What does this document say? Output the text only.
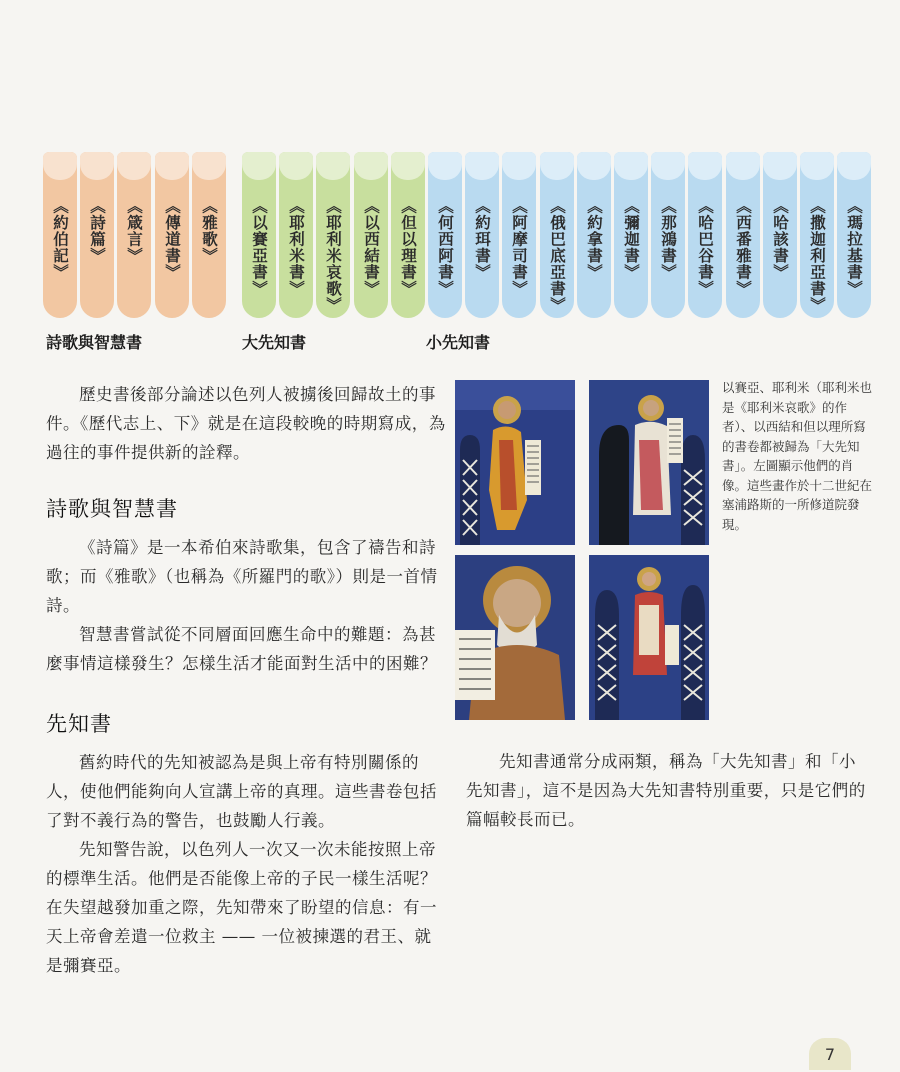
《約伯記》	《詩篇》	《箴言》	《傳道書》	《雅歌》	《以賽亞書》	《耶利米書》	《耶利米哀歌》	《以西結書》	《但以理書》	《何西阿書》	《約珥書》	《阿摩司書》	《俄巴底亞書》	《約拿書》	《彌迦書》	《那鴻書》	《哈巴谷書》	《西番雅書》	《哈該書》	《撒迦利亞書》	《瑪拉基書》
詩歌與智慧書	大先知書	小先知書

歷史書後部分論述以色列人被擄後回歸故土的事件。《歷代志上、下》就是在這段較晚的時期寫成，為過往的事件提供新的詮釋。

詩歌與智慧書

《詩篇》是一本希伯來詩歌集，包含了禱告和詩歌；而《雅歌》（也稱為《所羅門的歌》）則是一首情詩。

智慧書嘗試從不同層面回應生命中的難題：為甚麼事情這樣發生？怎樣生活才能面對生活中的困難？

先知書

舊約時代的先知被認為是與上帝有特別關係的人，使他們能夠向人宣講上帝的真理。這些書卷包括了對不義行為的警告，也鼓勵人行義。

先知警告說，以色列人一次又一次未能按照上帝的標準生活。他們是否能像上帝的子民一樣生活呢？在失望越發加重之際，先知帶來了盼望的信息：有一天上帝會差遣一位救主 —— 一位被揀選的君王、就是彌賽亞。

以賽亞、耶利米（耶利米也是《耶利米哀歌》的作者）、以西結和但以理所寫的書卷都被歸為「大先知書」。左圖顯示他們的肖像。這些畫作於十二世紀在塞浦路斯的一所修道院發現。

先知書通常分成兩類，稱為「大先知書」和「小先知書」，這不是因為大先知書特別重要，只是它們的篇幅較長而已。

7
